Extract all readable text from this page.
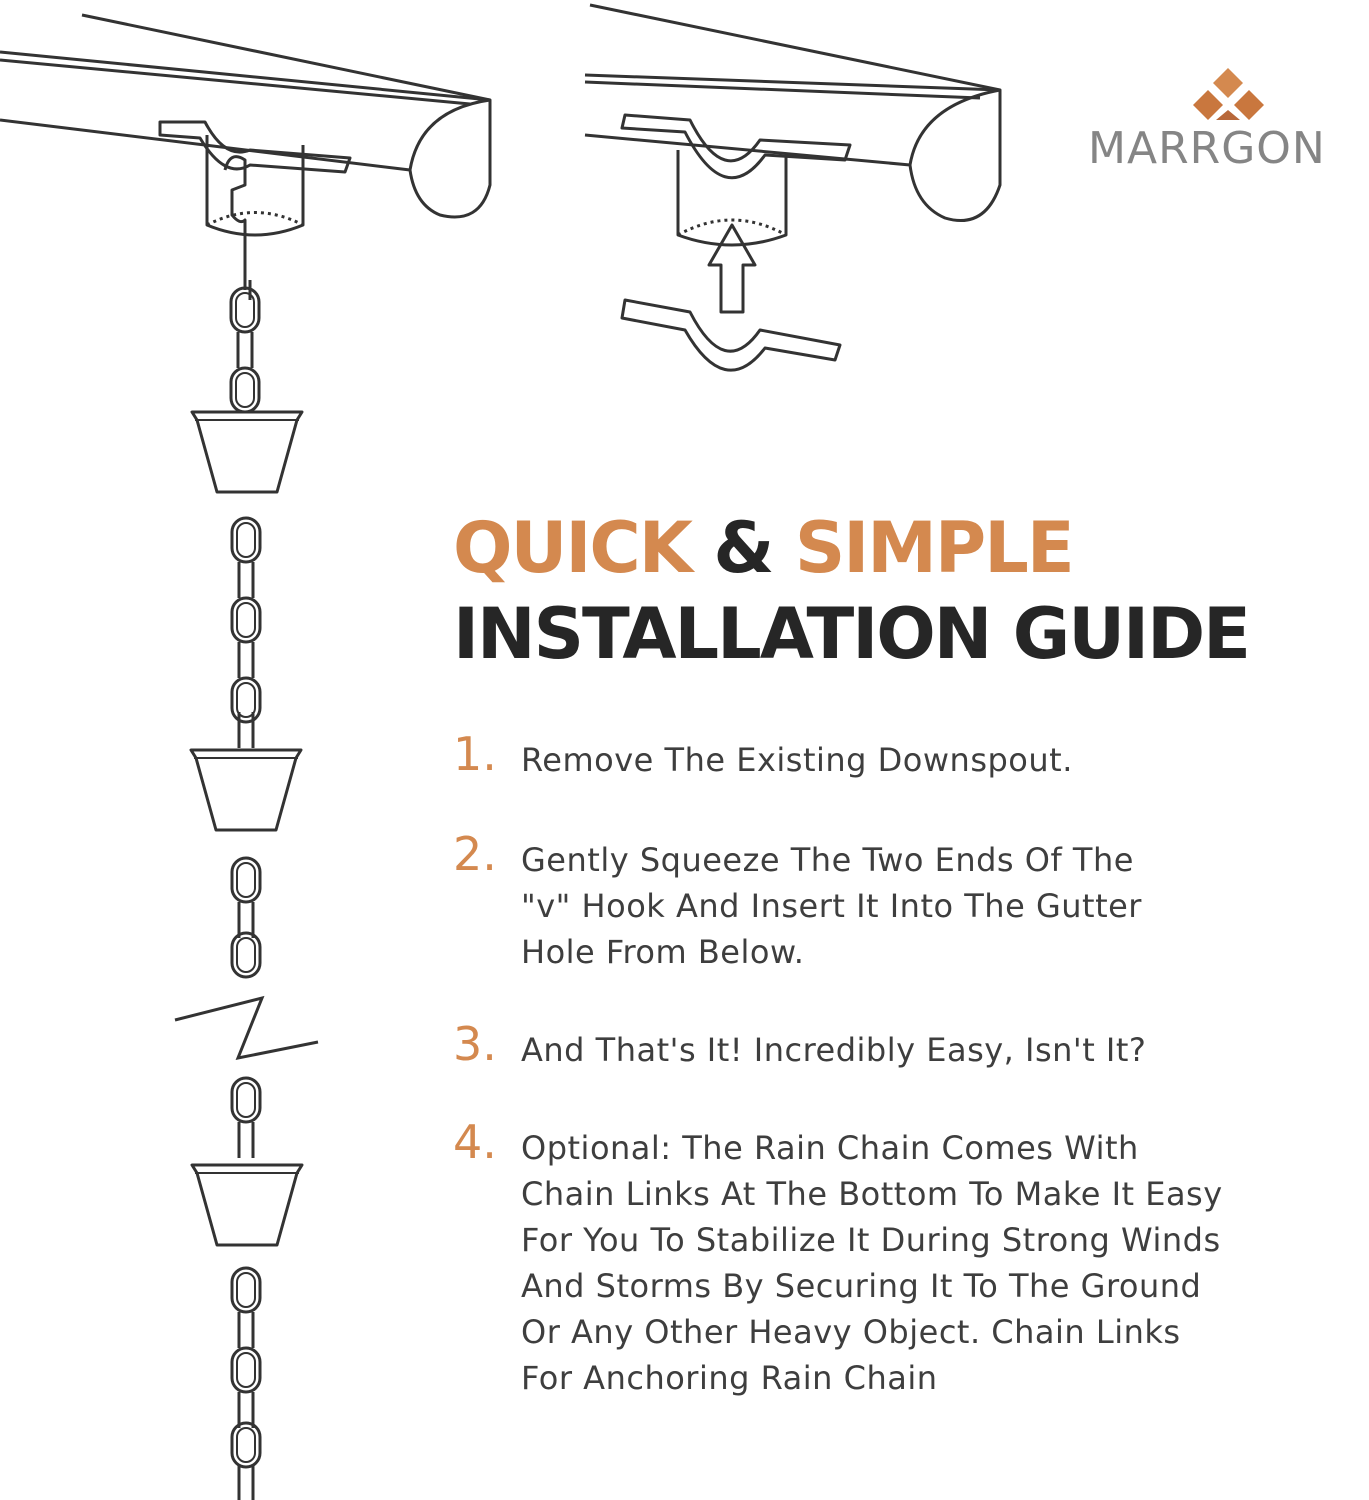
MARRGON
QUICK & SIMPLE
INSTALLATION GUIDE
1. Remove The Existing Downspout.
2. Gently Squeeze The Two Ends Of The
"v" Hook And Insert It Into The Gutter
Hole From Below.
3. And That's It! Incredibly Easy, Isn't It?
4. Optional: The Rain Chain Comes With
Chain Links At The Bottom To Make It Easy
For You To Stabilize It During Strong Winds
And Storms By Securing It To The Ground
Or Any Other Heavy Object. Chain Links
For Anchoring Rain Chain
